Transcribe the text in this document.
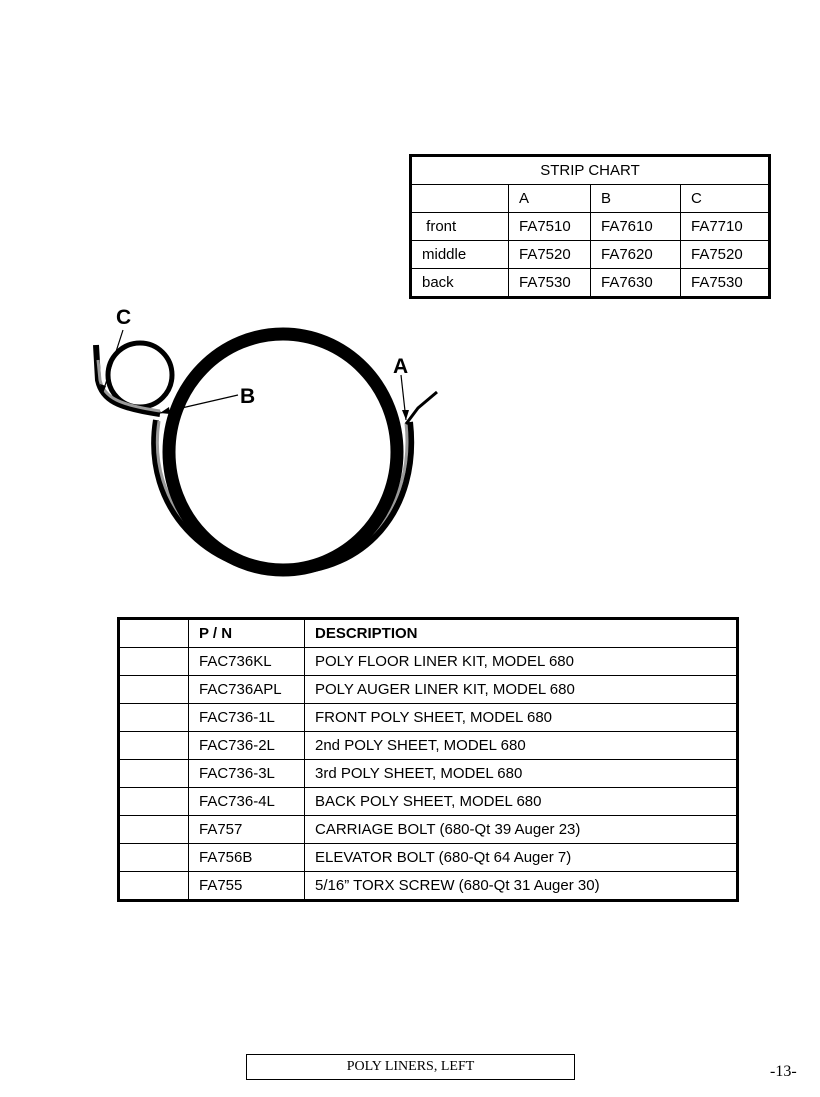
STRIP CHART			
	A	B	C
front	FA7510	FA7610	FA7710
middle	FA7520	FA7620	FA7520
back	FA7530	FA7630	FA7530
C
B
A
	P / N	DESCRIPTION
	FAC736KL	POLY FLOOR LINER KIT, MODEL 680
	FAC736APL	POLY AUGER LINER KIT, MODEL 680
	FAC736-1L	FRONT POLY SHEET, MODEL 680
	FAC736-2L	2nd POLY SHEET, MODEL 680
	FAC736-3L	3rd POLY SHEET, MODEL 680
	FAC736-4L	BACK POLY SHEET, MODEL 680
	FA757	CARRIAGE BOLT (680-Qt 39 Auger 23)
	FA756B	ELEVATOR BOLT (680-Qt 64 Auger 7)
	FA755	5/16” TORX SCREW (680-Qt 31 Auger 30)
POLY LINERS, LEFT	-13-
